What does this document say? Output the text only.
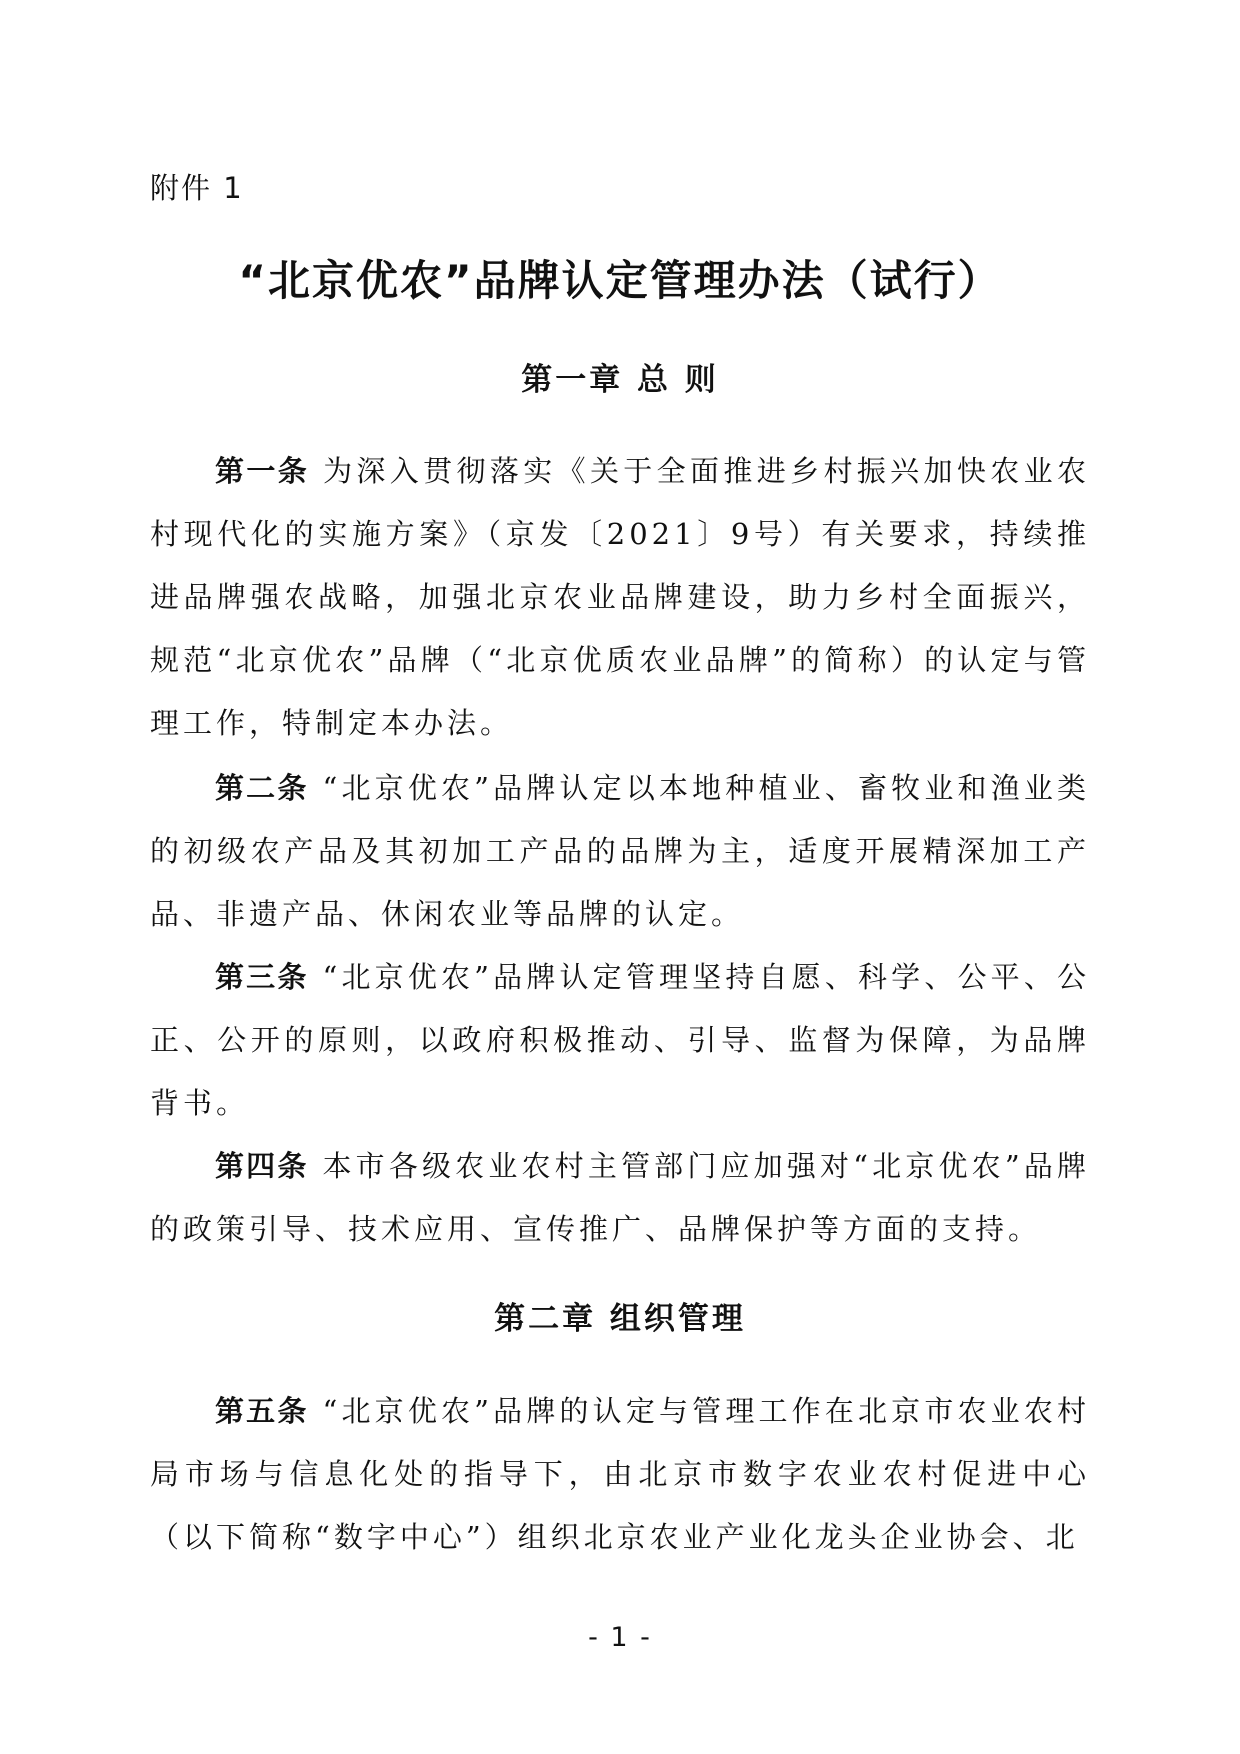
附件 1
“北京优农”品牌认定管理办法（试行）
第一章 总 则

第一条 为深入贯彻落实《关于全面推进乡村振兴加快农业农村现代化的实施方案》（京发〔2021〕9号）有关要求，持续推进品牌强农战略，加强北京农业品牌建设，助力乡村全面振兴，规范“北京优农”品牌（“北京优质农业品牌”的简称）的认定与管理工作，特制定本办法。

第二条 “北京优农”品牌认定以本地种植业、畜牧业和渔业类的初级农产品及其初加工产品的品牌为主，适度开展精深加工产品、非遗产品、休闲农业等品牌的认定。

第三条 “北京优农”品牌认定管理坚持自愿、科学、公平、公正、公开的原则，以政府积极推动、引导、监督为保障，为品牌背书。

第四条 本市各级农业农村主管部门应加强对“北京优农”品牌的政策引导、技术应用、宣传推广、品牌保护等方面的支持。

第二章 组织管理

第五条 “北京优农”品牌的认定与管理工作在北京市农业农村局市场与信息化处的指导下，由北京市数字农业农村促进中心（以下简称“数字中心”）组织北京农业产业化龙头企业协会、北

- 1 -
